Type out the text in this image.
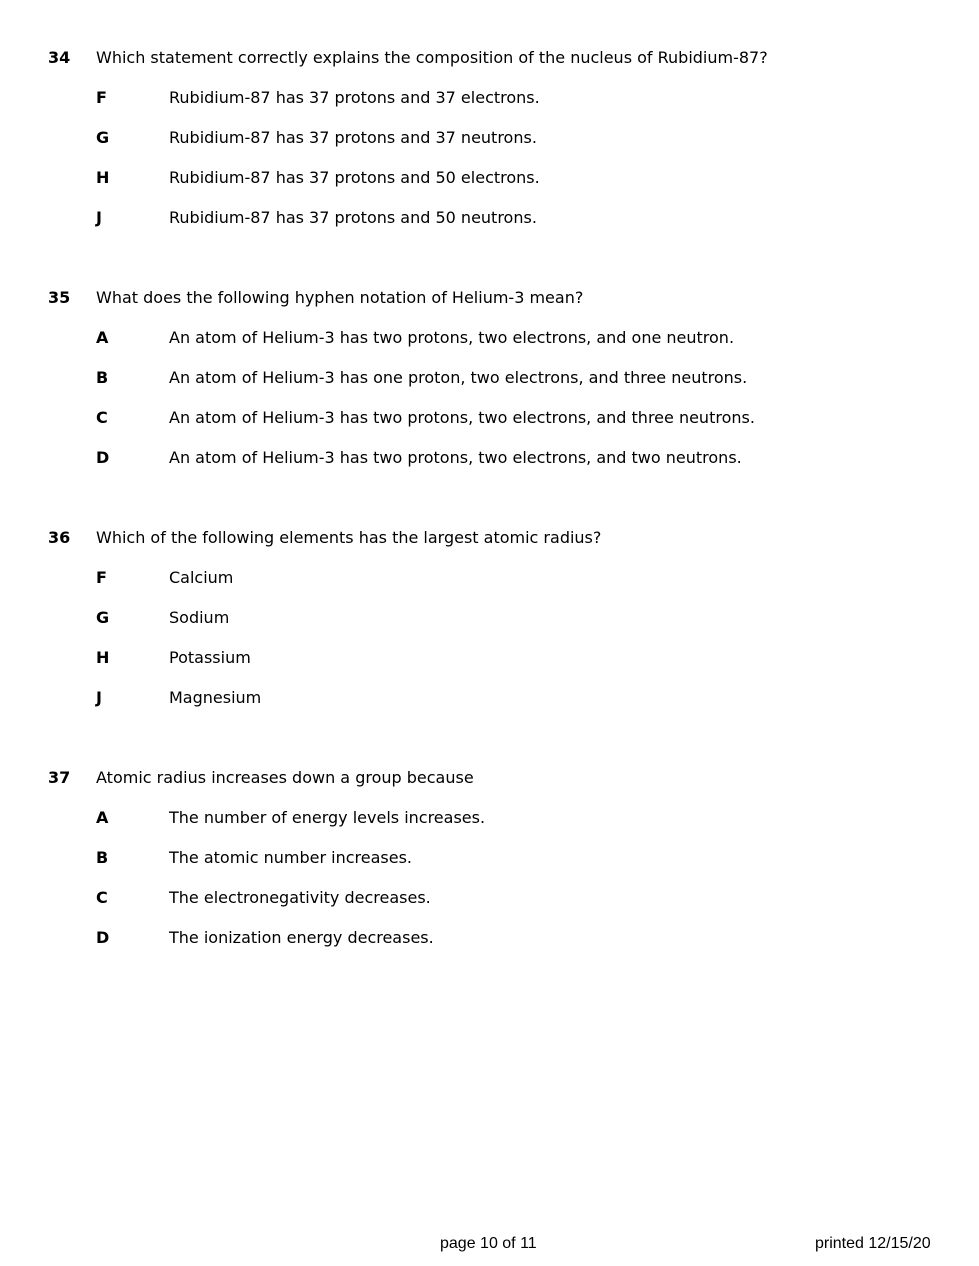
34 Which statement correctly explains the composition of the nucleus of Rubidium-87?
F	Rubidium-87 has 37 protons and 37 electrons.
G	Rubidium-87 has 37 protons and 37 neutrons.
H	Rubidium-87 has 37 protons and 50 electrons.
J	Rubidium-87 has 37 protons and 50 neutrons.
35 What does the following hyphen notation of Helium-3 mean?
A	An atom of Helium-3 has two protons, two electrons, and one neutron.
B	An atom of Helium-3 has one proton, two electrons, and three neutrons.
C	An atom of Helium-3 has two protons, two electrons, and three neutrons.
D	An atom of Helium-3 has two protons, two electrons, and two neutrons.
36 Which of the following elements has the largest atomic radius?
F	Calcium
G	Sodium
H	Potassium
J	Magnesium
37 Atomic radius increases down a group because
A	The number of energy levels increases.
B	The atomic number increases.
C	The electronegativity decreases.
D	The ionization energy decreases.
page 10 of 11	printed 12/15/20
